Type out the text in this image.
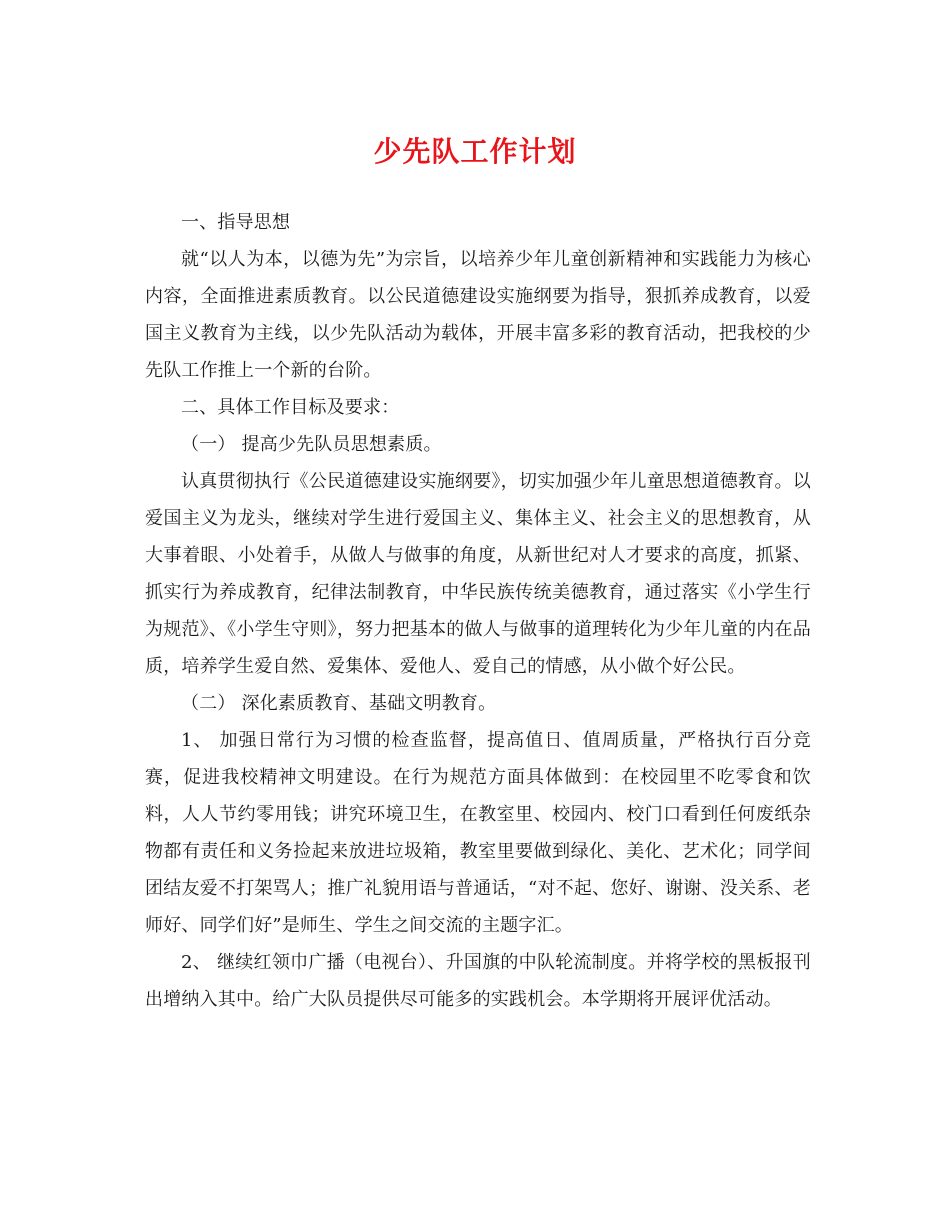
少先队工作计划

一、指导思想

就“以人为本，以德为先”为宗旨，以培养少年儿童创新精神和实践能力为核心内容，全面推进素质教育。以公民道德建设实施纲要为指导，狠抓养成教育，以爱国主义教育为主线，以少先队活动为载体，开展丰富多彩的教育活动，把我校的少先队工作推上一个新的台阶。

二、具体工作目标及要求：

（一） 提高少先队员思想素质。

认真贯彻执行《公民道德建设实施纲要》，切实加强少年儿童思想道德教育。以爱国主义为龙头，继续对学生进行爱国主义、集体主义、社会主义的思想教育，从大事着眼、小处着手，从做人与做事的角度，从新世纪对人才要求的高度，抓紧、抓实行为养成教育，纪律法制教育，中华民族传统美德教育，通过落实《小学生行为规范》、《小学生守则》，努力把基本的做人与做事的道理转化为少年儿童的内在品质，培养学生爱自然、爱集体、爱他人、爱自己的情感，从小做个好公民。

（二） 深化素质教育、基础文明教育。

1、 加强日常行为习惯的检查监督，提高值日、值周质量，严格执行百分竞赛，促进我校精神文明建设。在行为规范方面具体做到：在校园里不吃零食和饮料，人人节约零用钱；讲究环境卫生，在教室里、校园内、校门口看到任何废纸杂物都有责任和义务捡起来放进垃圾箱，教室里要做到绿化、美化、艺术化；同学间团结友爱不打架骂人；推广礼貌用语与普通话，“对不起、您好、谢谢、没关系、老师好、同学们好”是师生、学生之间交流的主题字汇。

2、 继续红领巾广播（电视台）、升国旗的中队轮流制度。并将学校的黑板报刊出增纳入其中。给广大队员提供尽可能多的实践机会。本学期将开展评优活动。
